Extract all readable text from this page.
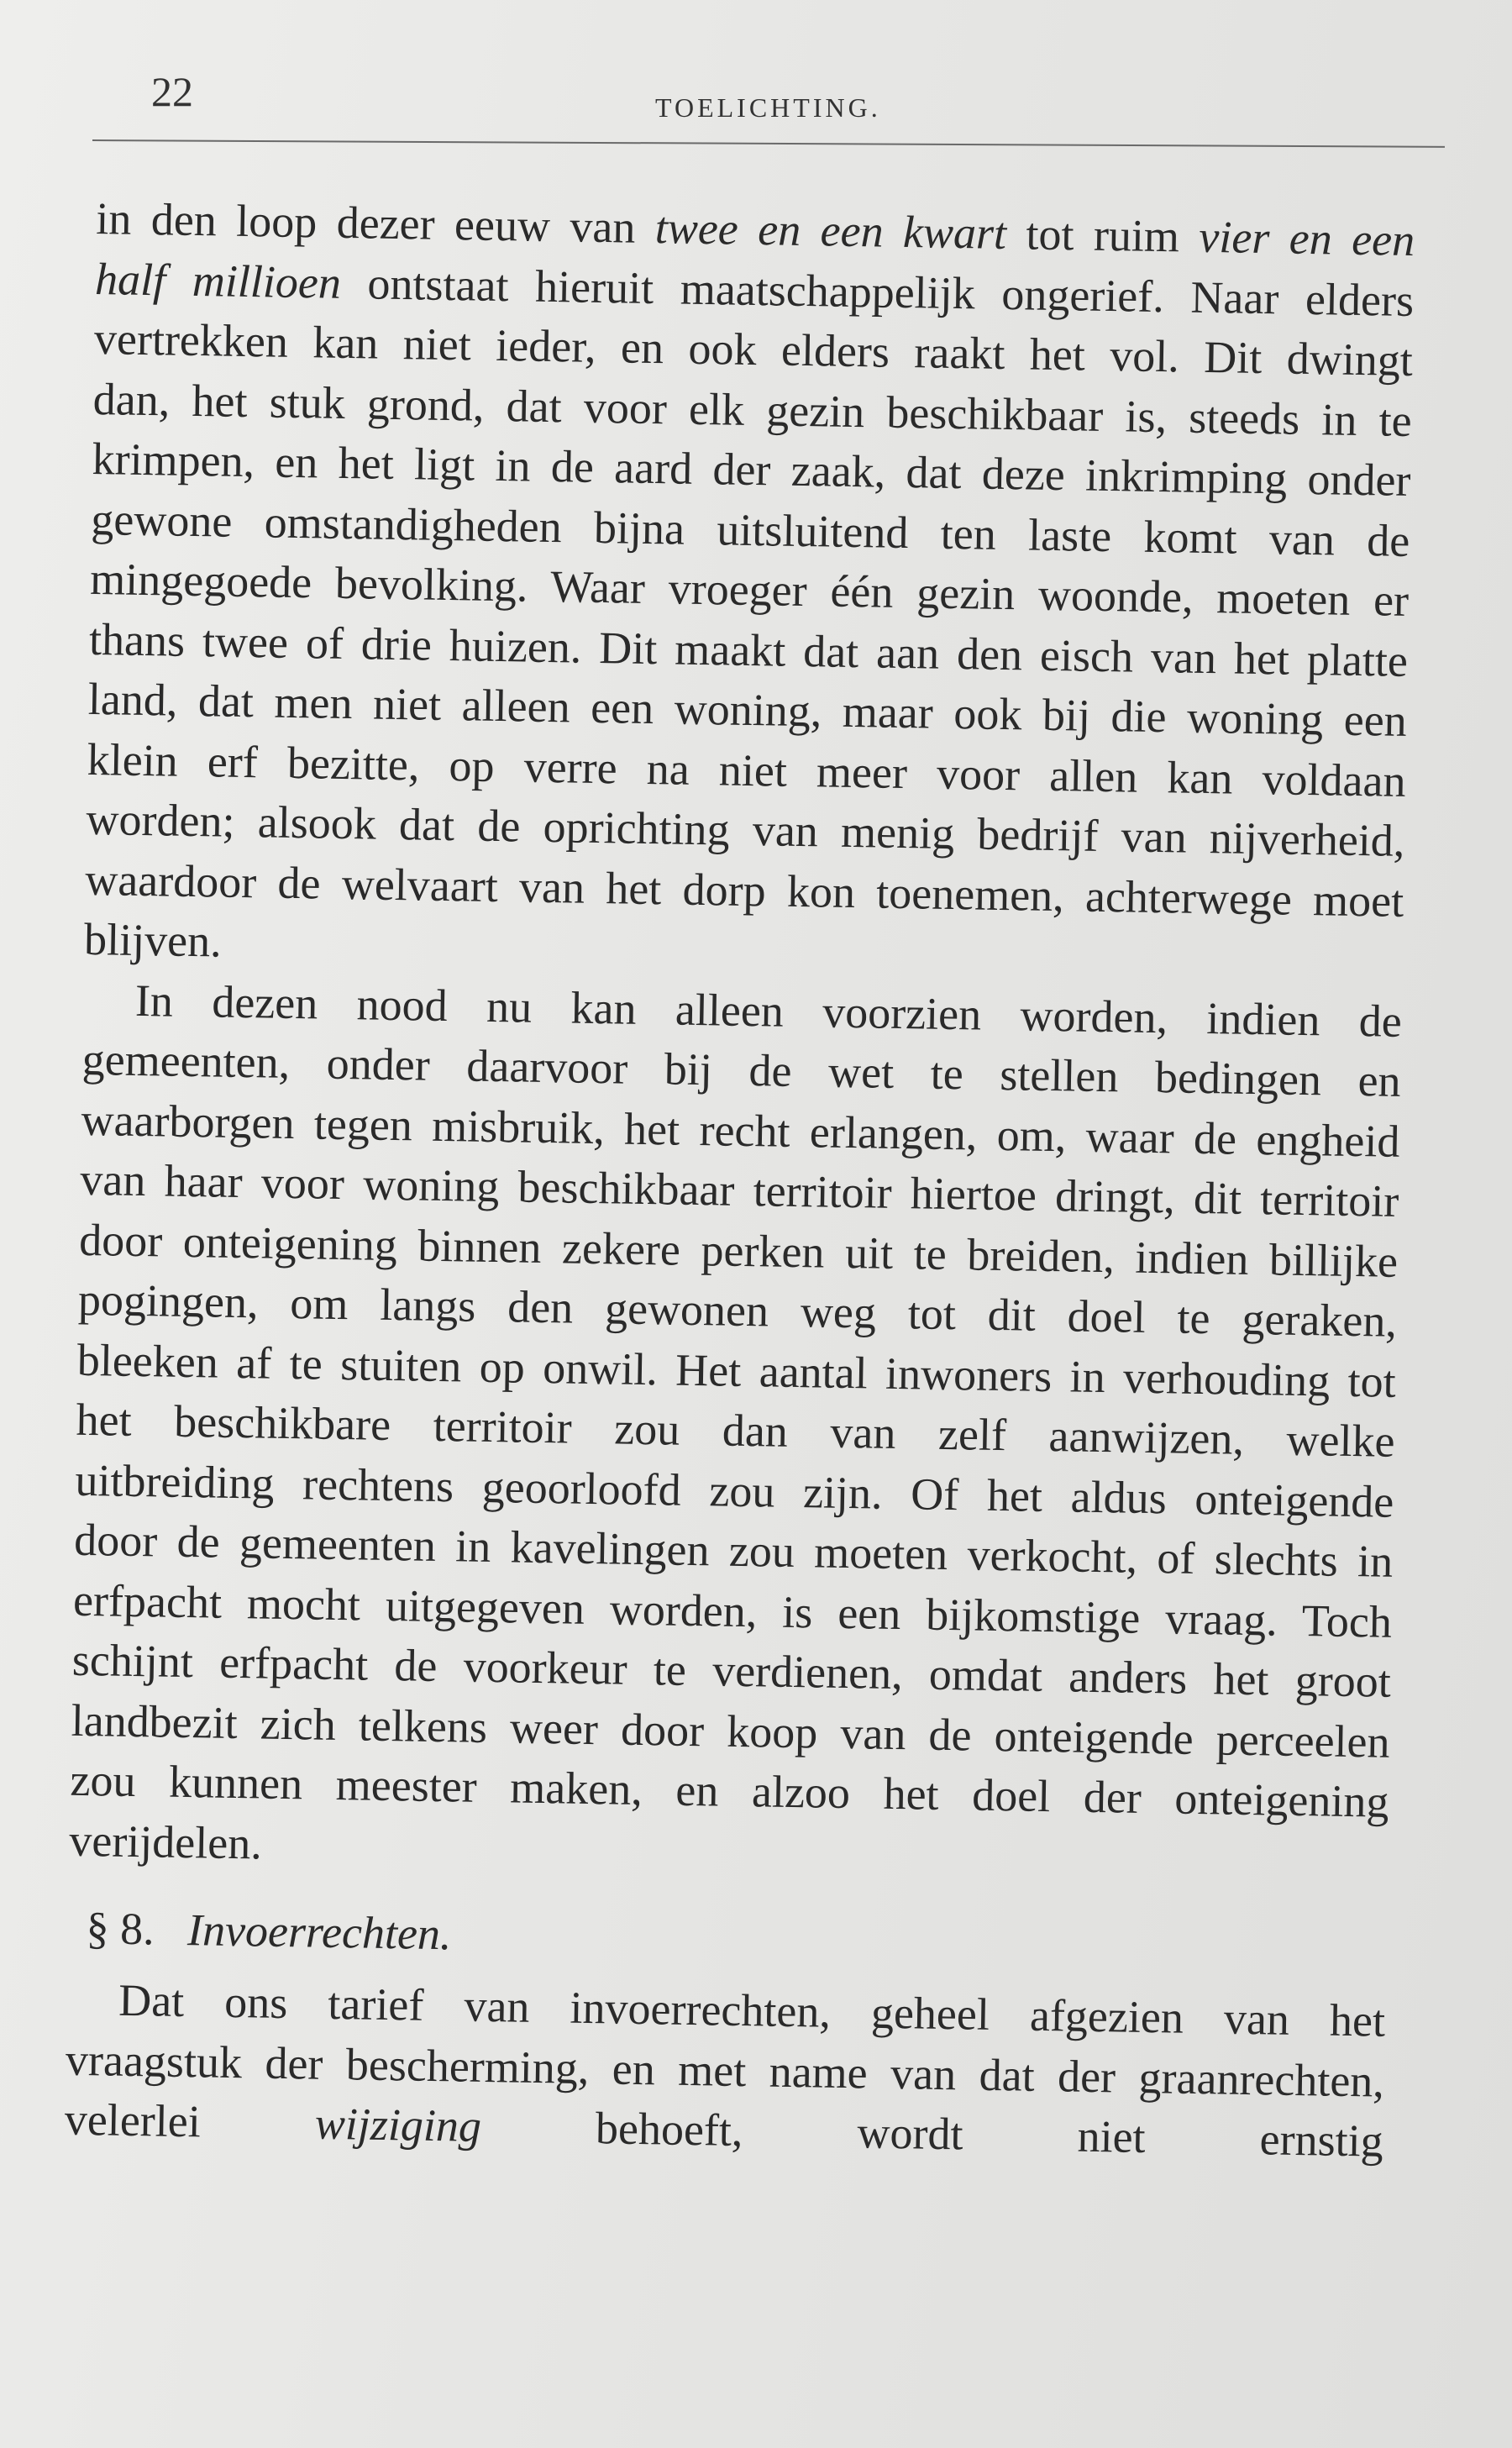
22	TOELICHTING.

in den loop dezer eeuw van twee en een kwart tot ruim vier en een half millioen ontstaat hieruit maatschappelijk ongerief. Naar elders vertrekken kan niet ieder, en ook elders raakt het vol. Dit dwingt dan, het stuk grond, dat voor elk gezin beschikbaar is, steeds in te krimpen, en het ligt in de aard der zaak, dat deze inkrimping onder gewone omstandigheden bijna uitsluitend ten laste komt van de mingegoede bevolking. Waar vroeger één gezin woonde, moeten er thans twee of drie huizen. Dit maakt dat aan den eisch van het platte land, dat men niet alleen een woning, maar ook bij die woning een klein erf bezitte, op verre na niet meer voor allen kan voldaan worden; alsook dat de oprichting van menig bedrijf van nijverheid, waardoor de welvaart van het dorp kon toenemen, achterwege moet blijven.

In dezen nood nu kan alleen voorzien worden, indien de gemeenten, onder daarvoor bij de wet te stellen bedingen en waarborgen tegen misbruik, het recht erlangen, om, waar de engheid van haar voor woning beschikbaar territoir hiertoe dringt, dit territoir door onteigening binnen zekere perken uit te breiden, indien billijke pogingen, om langs den gewonen weg tot dit doel te geraken, bleeken af te stuiten op onwil. Het aantal inwoners in verhouding tot het beschikbare territoir zou dan van zelf aanwijzen, welke uitbreiding rechtens geoorloofd zou zijn. Of het aldus onteigende door de gemeenten in kavelingen zou moeten verkocht, of slechts in erfpacht mocht uitgegeven worden, is een bijkomstige vraag. Toch schijnt erfpacht de voorkeur te verdienen, omdat anders het groot landbezit zich telkens weer door koop van de onteigende perceelen zou kunnen meester maken, en alzoo het doel der onteigening verijdelen.

§ 8. Invoerrechten.

Dat ons tarief van invoerrechten, geheel afgezien van het vraagstuk der bescherming, en met name van dat der graanrechten, velerlei wijziging behoeft, wordt niet ernstig
